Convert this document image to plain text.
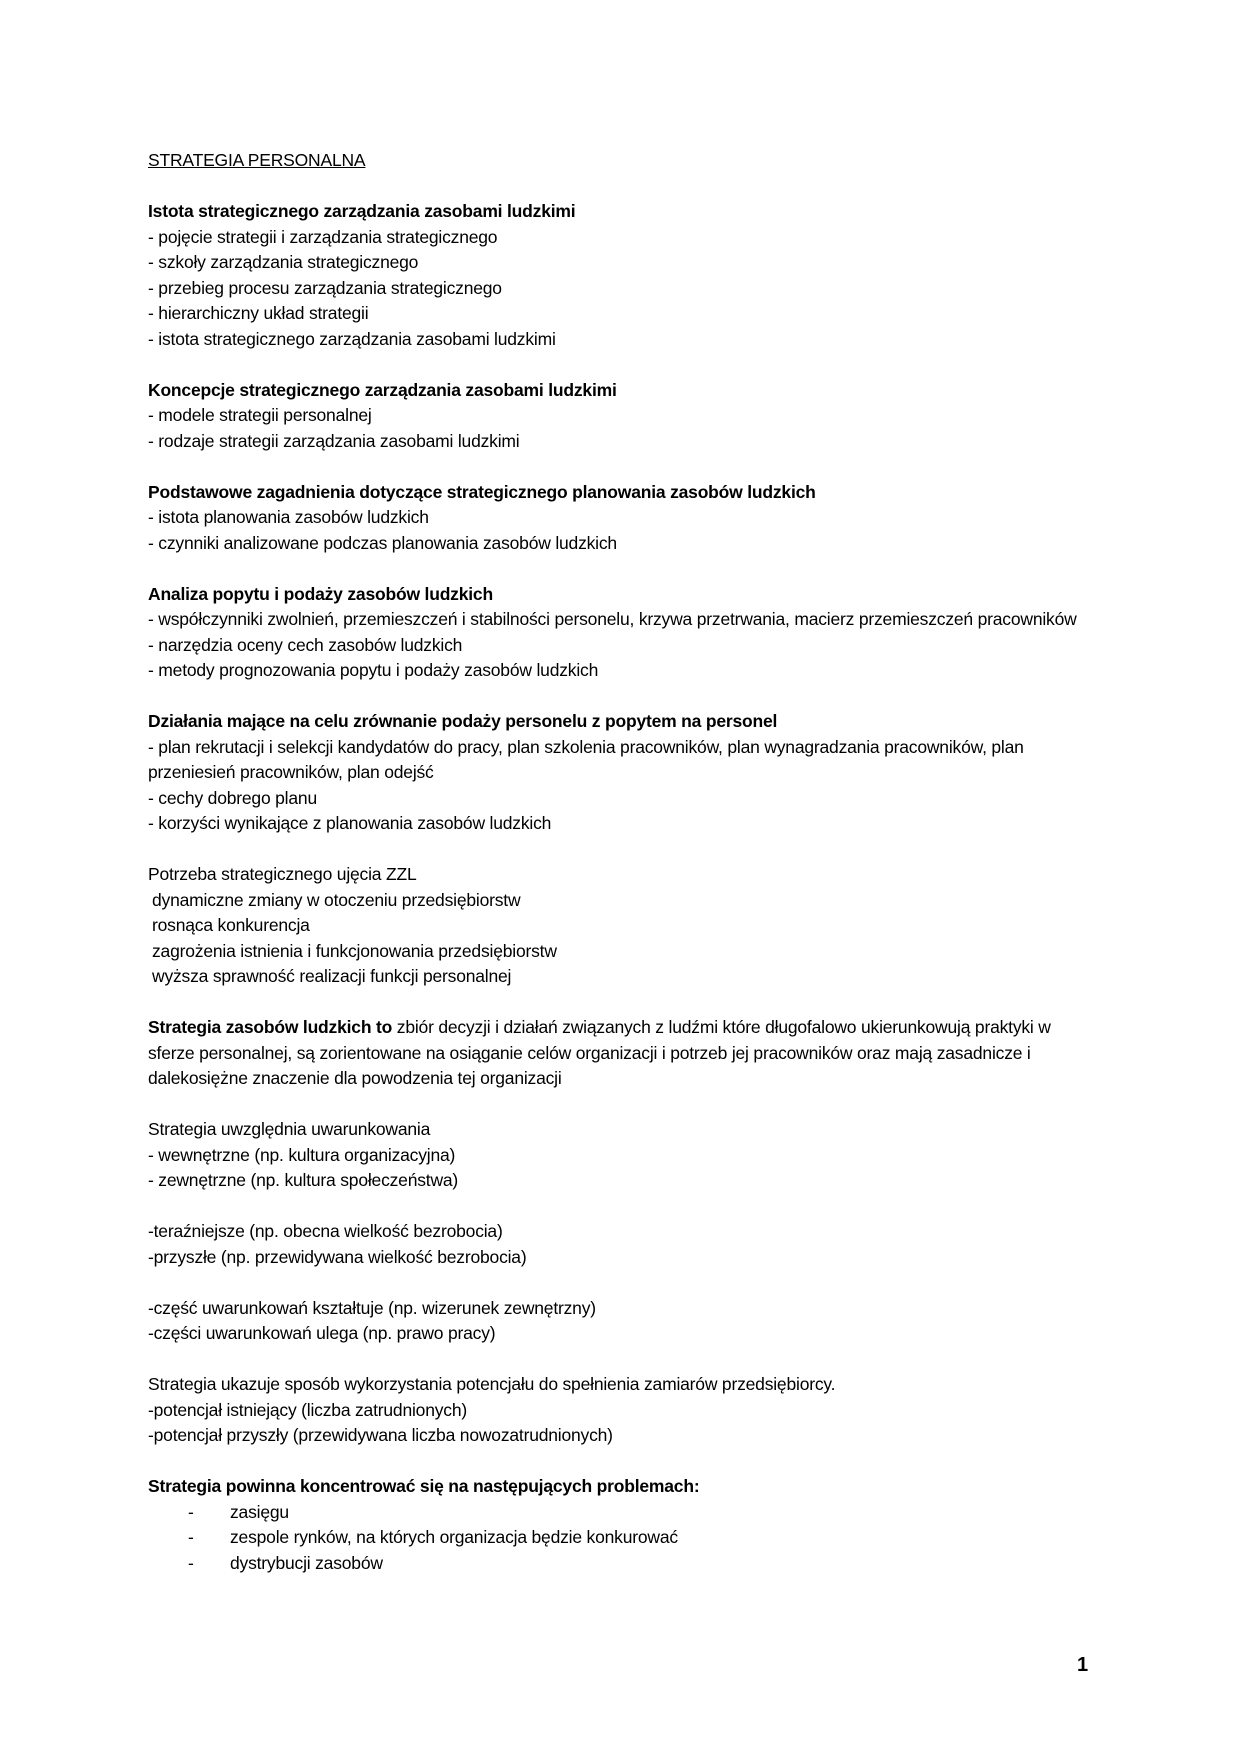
STRATEGIA PERSONALNA
Istota strategicznego zarządzania zasobami ludzkimi
- pojęcie strategii i zarządzania strategicznego
- szkoły zarządzania strategicznego
- przebieg procesu zarządzania strategicznego
- hierarchiczny układ strategii
- istota strategicznego zarządzania zasobami ludzkimi
Koncepcje strategicznego zarządzania zasobami ludzkimi
- modele strategii personalnej
- rodzaje strategii zarządzania zasobami ludzkimi
Podstawowe zagadnienia dotyczące strategicznego planowania zasobów ludzkich
- istota planowania zasobów ludzkich
- czynniki analizowane podczas planowania zasobów ludzkich
Analiza popytu i podaży zasobów ludzkich
- współczynniki zwolnień, przemieszczeń i stabilności personelu, krzywa przetrwania, macierz przemieszczeń pracowników
- narzędzia oceny cech zasobów ludzkich
- metody prognozowania popytu i podaży zasobów ludzkich
Działania mające na celu zrównanie podaży personelu z popytem na personel
- plan rekrutacji i selekcji kandydatów do pracy, plan szkolenia pracowników, plan wynagradzania pracowników, plan przeniesień pracowników, plan odejść
- cechy dobrego planu
- korzyści wynikające z planowania zasobów ludzkich
Potrzeba strategicznego ujęcia ZZL
dynamiczne zmiany w otoczeniu przedsiębiorstw
rosnąca konkurencja
zagrożenia istnienia i funkcjonowania przedsiębiorstw
wyższa sprawność realizacji funkcji personalnej

Strategia zasobów ludzkich to zbiór decyzji i działań związanych z ludźmi które długofalowo ukierunkowują praktyki w sferze personalnej, są zorientowane na osiąganie celów organizacji i potrzeb jej pracowników oraz mają zasadnicze i dalekosiężne znaczenie dla powodzenia tej organizacji

Strategia uwzględnia uwarunkowania
- wewnętrzne (np. kultura organizacyjna)
- zewnętrzne (np. kultura społeczeństwa)
-teraźniejsze (np. obecna wielkość bezrobocia)
-przyszłe (np. przewidywana wielkość bezrobocia)
-część uwarunkowań kształtuje (np. wizerunek zewnętrzny)
-części uwarunkowań ulega (np. prawo pracy)
Strategia ukazuje sposób wykorzystania potencjału do spełnienia zamiarów przedsiębiorcy.
-potencjał istniejący (liczba zatrudnionych)
-potencjał przyszły (przewidywana liczba nowozatrudnionych)
Strategia powinna koncentrować się na następujących problemach:
-	zasięgu
-	zespole rynków, na których organizacja będzie konkurować
-	dystrybucji zasobów
1
